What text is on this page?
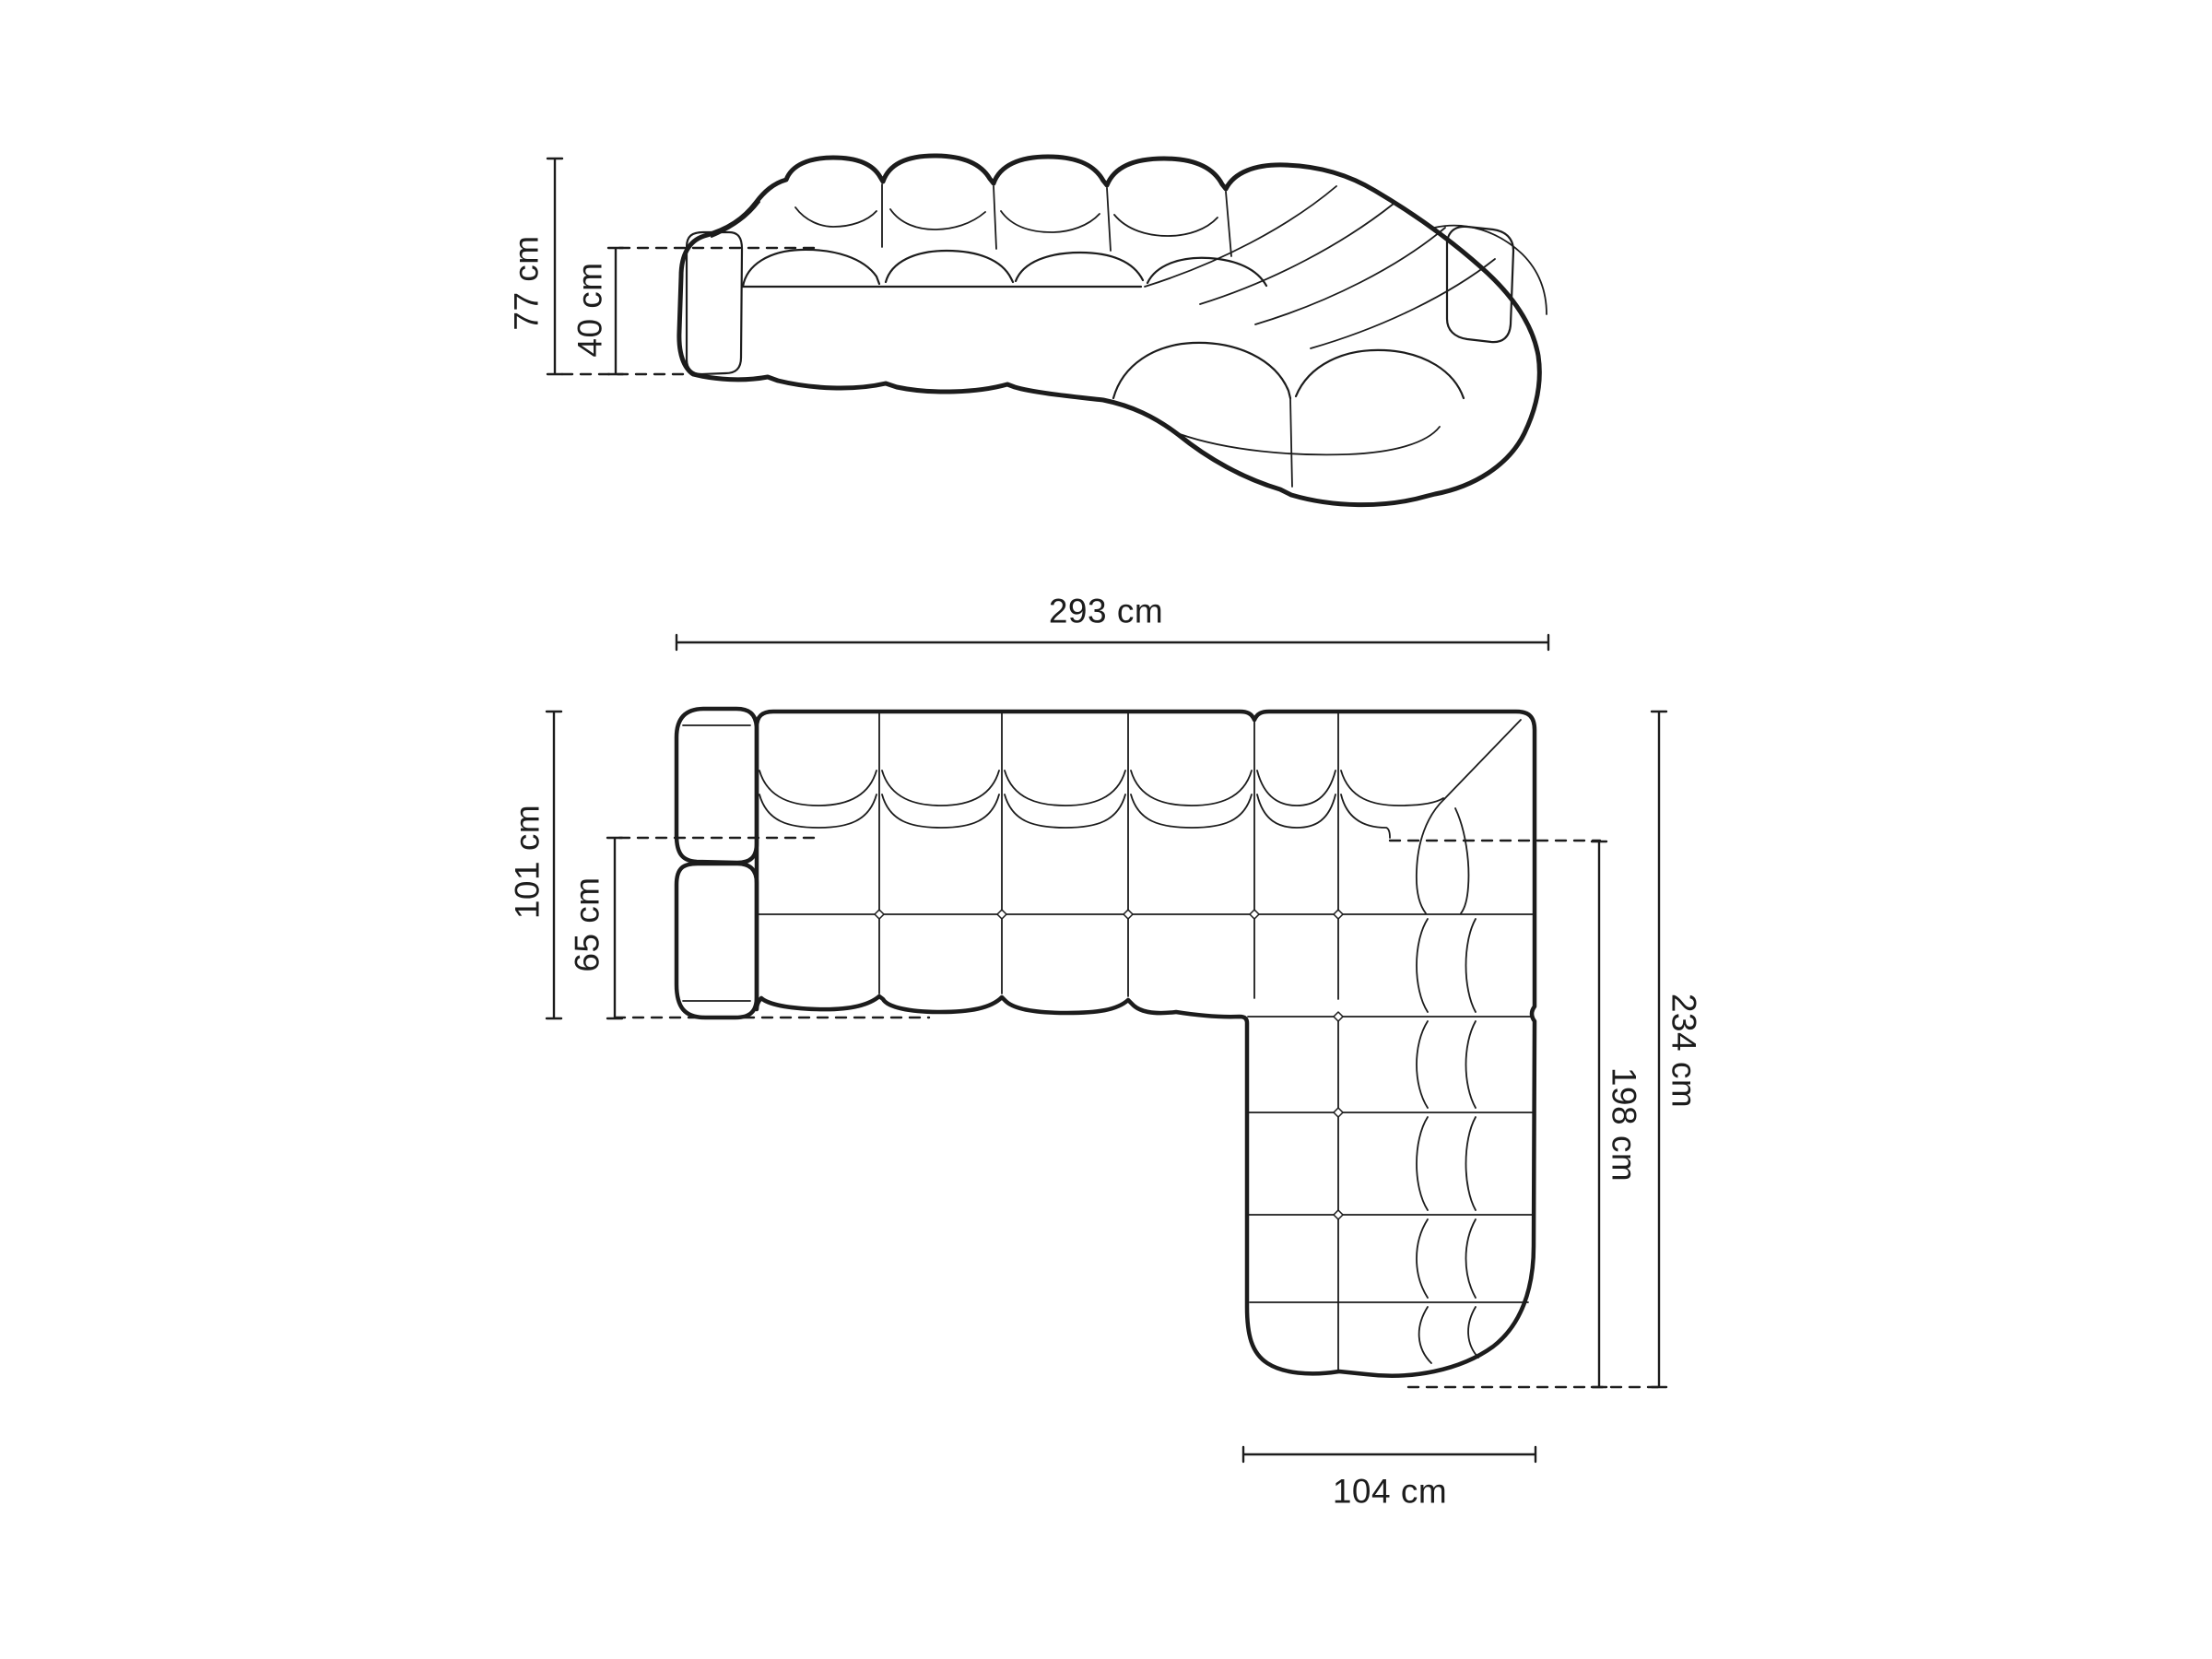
77 cm 40 cm
293 cm
101 cm
65 cm
234 cm
198 cm
104 cm
